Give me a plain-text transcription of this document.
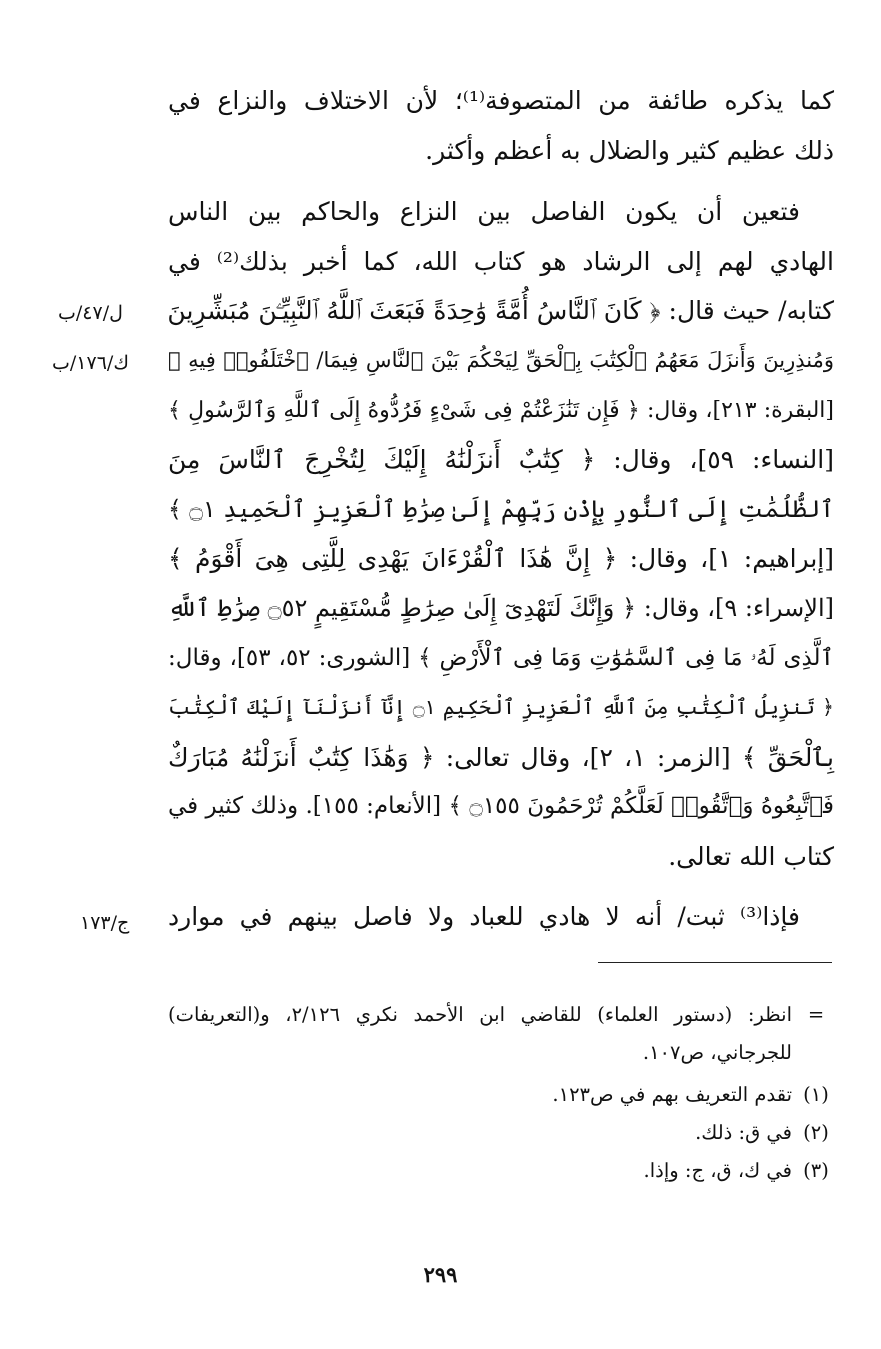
كما يذكره طائفة من المتصوفة⁽¹⁾؛ لأن الاختلاف والنزاع في
ذلك عظيم كثير والضلال به أعظم وأكثر.

فتعين أن يكون الفاصل بين النزاع والحاكم بين الناس
الهادي لهم إلى الرشاد هو كتاب الله، كما أخبر بذلك⁽²⁾ في
كتابه/ حيث قال: ﴿ كَانَ ٱلنَّاسُ أُمَّةً وَٰحِدَةً فَبَعَثَ ٱللَّهُ ٱلنَّبِيِّـۧنَ مُبَشِّرِينَ
وَمُنذِرِينَ وَأَنزَلَ مَعَهُمُ ٱلْكِتَٰبَ بِٱلْحَقِّ لِيَحْكُمَ بَيْنَ ٱلنَّاسِ فِيمَا/ ٱخْتَلَفُوا۟ فِيهِ ﴾
[البقرة: ٢١٣]، وقال: ﴿ فَإِن تَنَٰزَعْتُمْ فِى شَىْءٍ فَرُدُّوهُ إِلَى ٱللَّهِ وَٱلرَّسُولِ ﴾
[النساء: ٥٩]، وقال: ﴿ كِتَٰبٌ أَنزَلْنَٰهُ إِلَيْكَ لِتُخْرِجَ ٱلنَّاسَ مِنَ
ٱلظُّلُمَٰتِ إِلَى ٱلنُّورِ بِإِذْنِ رَبِّهِمْ إِلَىٰ صِرَٰطِ ٱلْعَزِيزِ ٱلْحَمِيدِ ۝١ ﴾
[إبراهيم: ١]، وقال: ﴿ إِنَّ هَٰذَا ٱلْقُرْءَانَ يَهْدِى لِلَّتِى هِىَ أَقْوَمُ ﴾
[الإسراء: ٩]، وقال: ﴿ وَإِنَّكَ لَتَهْدِىٓ إِلَىٰ صِرَٰطٍ مُّسْتَقِيمٍ ۝٥٢ صِرَٰطِ ٱللَّهِ
ٱلَّذِى لَهُۥ مَا فِى ٱلسَّمَٰوَٰتِ وَمَا فِى ٱلْأَرْضِ ﴾ [الشورى: ٥٢، ٥٣]، وقال:
﴿ تَنزِيلُ ٱلْكِتَٰبِ مِنَ ٱللَّهِ ٱلْعَزِيزِ ٱلْحَكِيمِ ۝١ إِنَّآ أَنزَلْنَآ إِلَيْكَ ٱلْكِتَٰبَ
بِٱلْحَقِّ ﴾ [الزمر: ١، ٢]، وقال تعالى: ﴿ وَهَٰذَا كِتَٰبٌ أَنزَلْنَٰهُ مُبَارَكٌ
فَٱتَّبِعُوهُ وَٱتَّقُوا۟ لَعَلَّكُمْ تُرْحَمُونَ ۝١٥٥ ﴾ [الأنعام: ١٥٥]. وذلك كثير في
كتاب الله تعالى.

فإذا⁽³⁾ ثبت/ أنه لا هادي للعباد ولا فاصل بينهم في موارد

ل/٤٧/ب
ك/١٧٦/ب
ج/١٧٣
=
انظر: (دستور العلماء) للقاضي ابن الأحمد نكري ٢/١٢٦، و(التعريفات)
للجرجاني، ص١٠٧.
(١)
تقدم التعريف بهم في ص١٢٣.
(٢)
في ق: ذلك.
(٣)
في ك، ق، ج: وإذا.
٢٩٩
